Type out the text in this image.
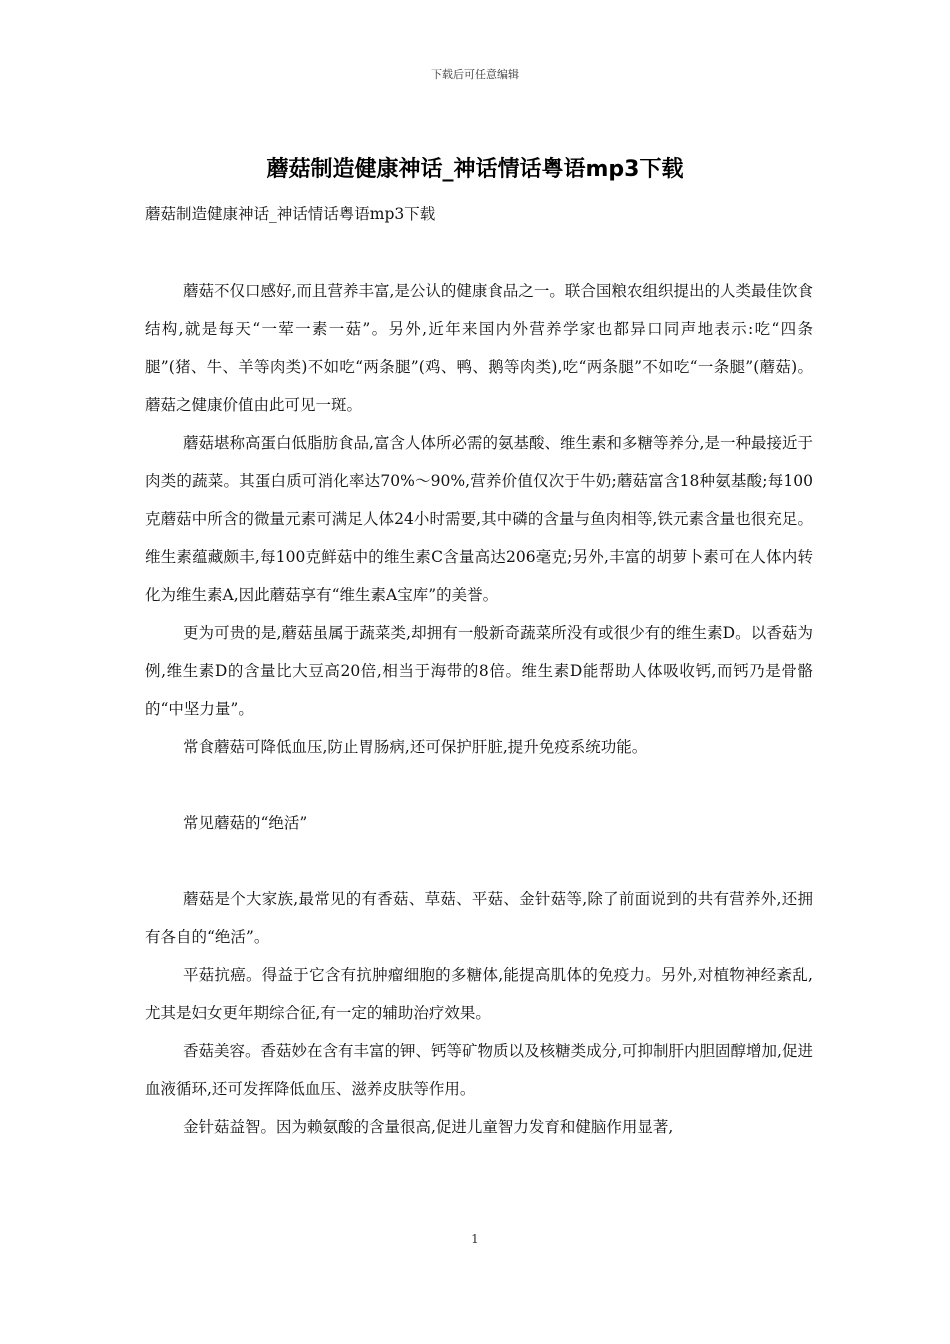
下载后可任意编辑
蘑菇制造健康神话_神话情话粤语mp3下载
蘑菇制造健康神话_神话情话粤语mp3下载

蘑菇不仅口感好,而且营养丰富,是公认的健康食品之一。联合国粮农组织提出的人类最佳饮食结构,就是每天“一荤一素一菇”。另外,近年来国内外营养学家也都异口同声地表示:吃“四条腿”(猪、牛、羊等肉类)不如吃“两条腿”(鸡、鸭、鹅等肉类),吃“两条腿”不如吃“一条腿”(蘑菇)。蘑菇之健康价值由此可见一斑。

蘑菇堪称高蛋白低脂肪食品,富含人体所必需的氨基酸、维生素和多糖等养分,是一种最接近于肉类的蔬菜。其蛋白质可消化率达70%～90%,营养价值仅次于牛奶;蘑菇富含18种氨基酸;每100克蘑菇中所含的微量元素可满足人体24小时需要,其中磷的含量与鱼肉相等,铁元素含量也很充足。维生素蕴藏颇丰,每100克鲜菇中的维生素C含量高达206毫克;另外,丰富的胡萝卜素可在人体内转化为维生素A,因此蘑菇享有“维生素A宝库”的美誉。

更为可贵的是,蘑菇虽属于蔬菜类,却拥有一般新奇蔬菜所没有或很少有的维生素D。以香菇为例,维生素D的含量比大豆高20倍,相当于海带的8倍。维生素D能帮助人体吸收钙,而钙乃是骨骼的“中坚力量”。

常食蘑菇可降低血压,防止胃肠病,还可保护肝脏,提升免疫系统功能。

常见蘑菇的“绝活”

蘑菇是个大家族,最常见的有香菇、草菇、平菇、金针菇等,除了前面说到的共有营养外,还拥有各自的“绝活”。

平菇抗癌。得益于它含有抗肿瘤细胞的多糖体,能提高肌体的免疫力。另外,对植物神经紊乱,尤其是妇女更年期综合征,有一定的辅助治疗效果。

香菇美容。香菇妙在含有丰富的钾、钙等矿物质以及核糖类成分,可抑制肝内胆固醇增加,促进血液循环,还可发挥降低血压、滋养皮肤等作用。

金针菇益智。因为赖氨酸的含量很高,促进儿童智力发育和健脑作用显著,

1
